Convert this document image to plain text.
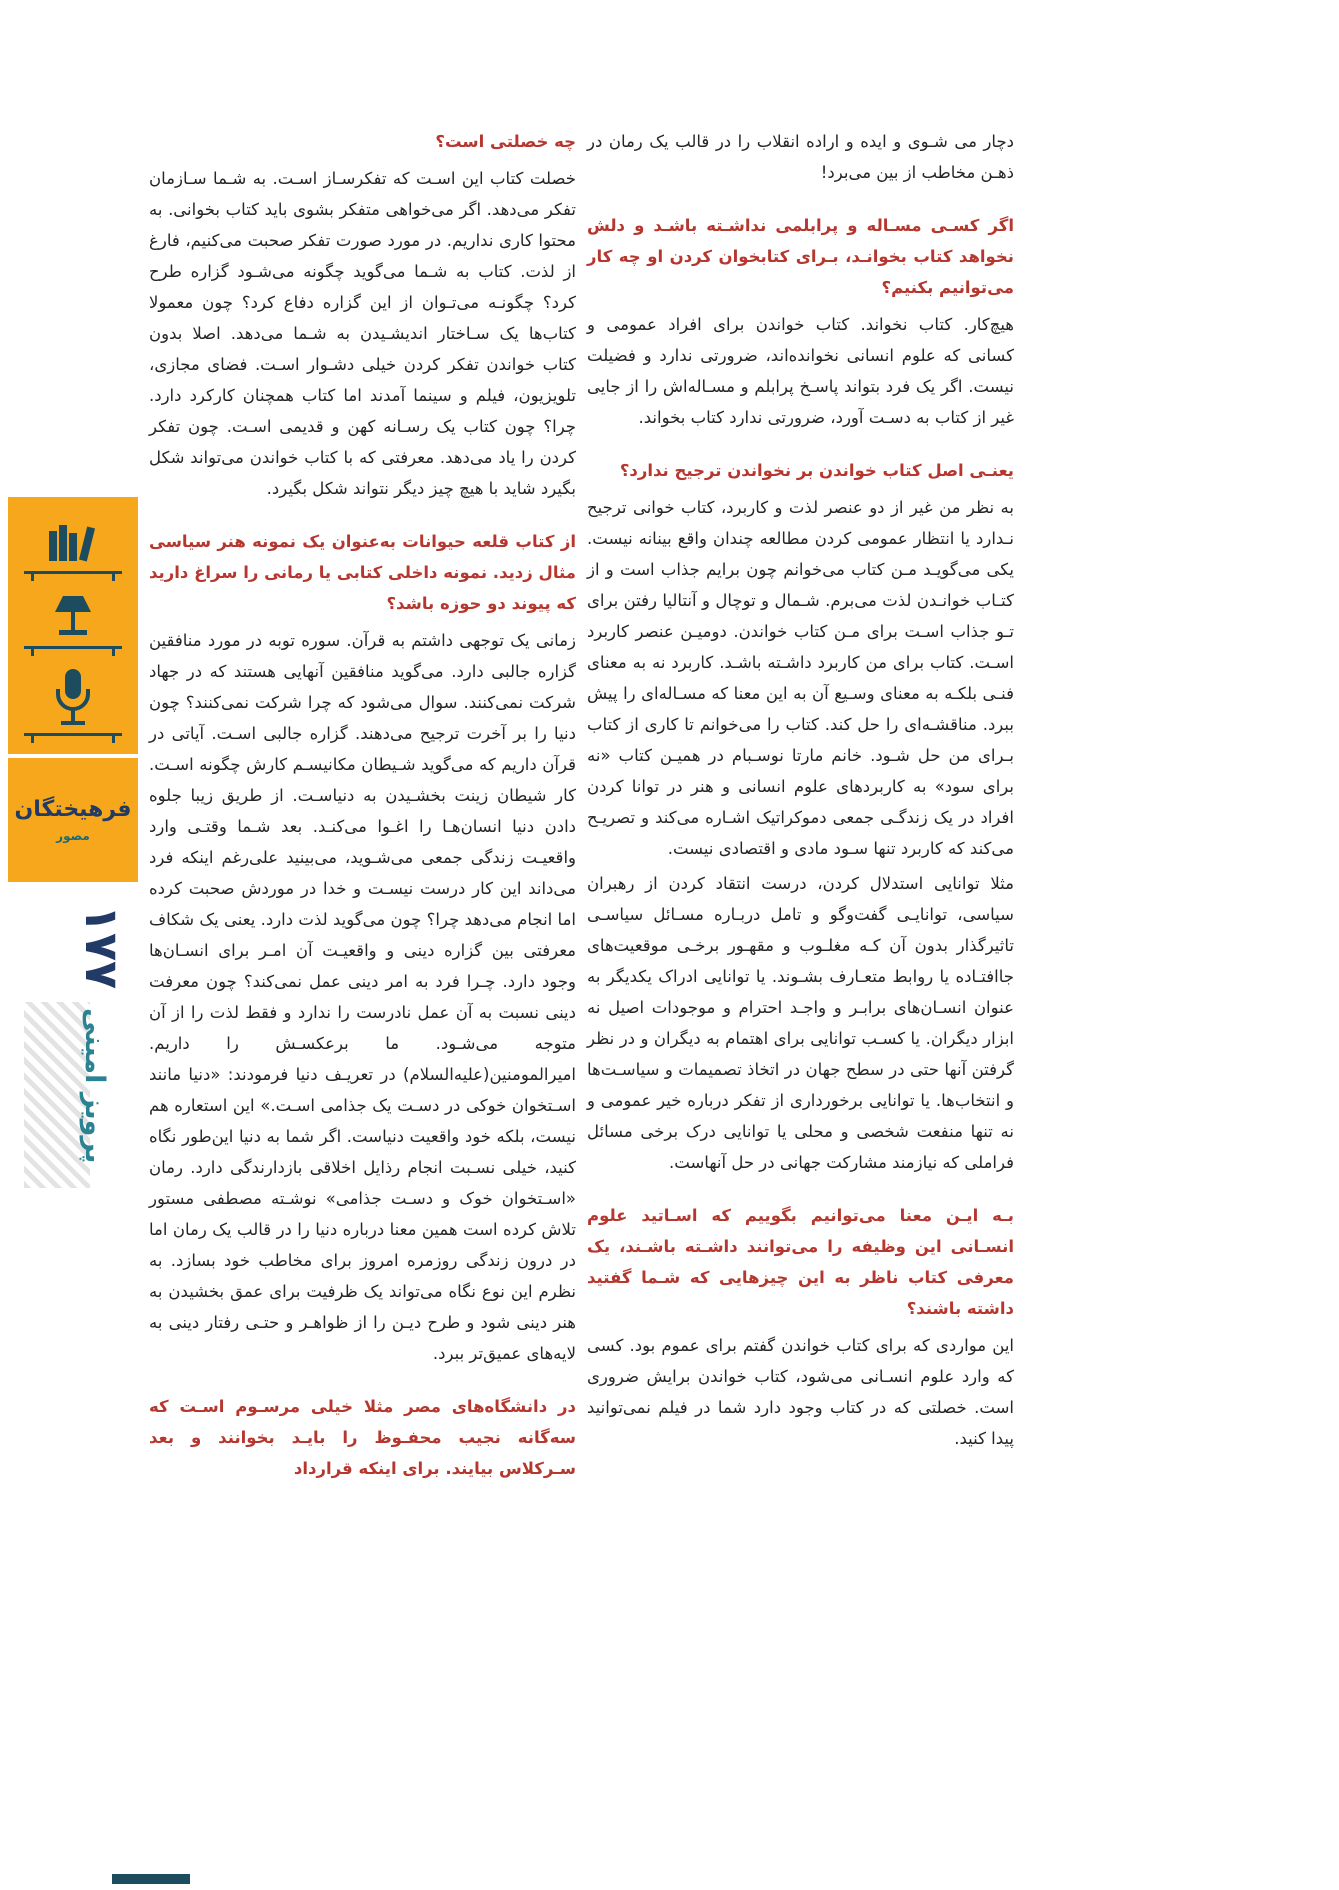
فرهیختگان
مصور
۱۷۷
پرویز امینی

دچار می شـوی و ایده و اراده انقلاب را در قالب یک رمان در ذهـن مخاطب از بین می‌برد!

اگر کسـی مسـاله و پرابلمی نداشـته باشـد و دلش نخواهد کتاب بخوانـد، بـرای کتابخوان کردن او چه کار می‌توانیم بکنیم؟

هیچ‌کار. کتاب نخواند. کتاب خواندن برای افراد عمومی و کسانی که علوم انسانی نخوانده‌اند، ضرورتی ندارد و فضیلت نیست. اگر یک فرد بتواند پاسـخ پرابلم و مسـاله‌اش را از جایی غیر از کتاب به دسـت آورد، ضرورتی ندارد کتاب بخواند.

یعنـی اصل کتاب خواندن بر نخواندن ترجیح ندارد؟

به نظر من غیر از دو عنصر لذت و کاربرد، کتاب خوانی ترجیح نـدارد یا انتظار عمومی کردن مطالعه چندان واقع بینانه نیست. یکی می‌گویـد مـن کتاب می‌خوانم چون برایم جذاب است و از کتـاب خوانـدن لذت می‌برم. شـمال و توچال و آنتالیا رفتن برای تـو جذاب اسـت برای مـن کتاب خواندن. دومیـن عنصر کاربرد اسـت. کتاب برای من کاربرد داشـته باشـد. کاربرد نه به معنای فنـی بلکـه به معنای وسـیع آن به این معنا که مسـاله‌ای را پیش ببرد. مناقشـه‌ای را حل کند. کتاب را می‌خوانم تا کاری از کتاب بـرای من حل شـود. خانم مارتا نوسـبام در همیـن کتاب «نه برای سود» به کاربردهای علوم انسانی و هنر در توانا کردن افراد در یک زندگـی جمعی دموکراتیک اشـاره می‌کند و تصریـح می‌کند که کاربرد تنها سـود مادی و اقتصادی نیست.

مثلا توانایی استدلال کردن، درست انتقاد کردن از رهبران سیاسی، توانایـی گفت‌وگو و تامل دربـاره مسـائل سیاسـی تاثیرگذار بدون آن کـه مغلـوب و مقهـور برخـی موقعیت‌های جاافتـاده یا روابط متعـارف بشـوند. یا توانایی ادراک یکدیگر به عنوان انسـان‌های برابـر و واجـد احترام و موجودات اصیل نه ابزار دیگران. یا کسـب توانایی برای اهتمام به دیگران و در نظر گرفتن آنها حتی در سطح جهان در اتخاذ تصمیمات و سیاسـت‌ها و انتخاب‌ها. یا توانایی برخورداری از تفکر درباره خیر عمومی و نه تنها منفعت شخصی و محلی یا توانایی درک برخی مسائل فراملی که نیازمند مشارکت جهانی در حل آنهاست.

بـه ایـن معنا می‌توانیم بگوییم که اسـاتید علوم انسـانی این وظیفه را می‌توانند داشـته باشـند، یک معرفی کتاب ناظر به این چیزهایی که شـما گفتید داشته باشند؟

این مواردی که برای کتاب خواندن گفتم برای عموم بود. کسی که وارد علوم انسـانی می‌شود، کتاب خواندن برایش ضروری است. خصلتی که در کتاب وجود دارد شما در فیلم نمی‌توانید پیدا کنید.

چه خصلتی است؟

خصلت کتاب این اسـت که تفکرسـاز اسـت. به شـما سـازمان تفکر می‌دهد. اگر می‌خواهی متفکر بشوی باید کتاب بخوانی. به محتوا کاری نداریم. در مورد صورت تفکر صحبت می‌کنیم، فارغ از لذت. کتاب به شـما می‌گوید چگونه می‌شـود گزاره طرح کرد؟ چگونـه می‌تـوان از این گزاره دفاع کرد؟ چون معمولا کتاب‌ها یک سـاختار اندیشـیدن به شـما می‌دهد. اصلا بدون کتاب خواندن تفکر کردن خیلی دشـوار اسـت. فضای مجازی، تلویزیون، فیلم و سینما آمدند اما کتاب همچنان کارکرد دارد. چرا؟ چون کتاب یک رسـانه کهن و قدیمی اسـت. چون تفکر کردن را یاد می‌دهد. معرفتی که با کتاب خواندن می‌تواند شکل بگیرد شاید با هیچ چیز دیگر نتواند شکل بگیرد.

از کتاب قلعه حیوانات به‌عنوان یک نمونه هنر سیاسی مثال زدید. نمونه داخلی کتابی یا رمانی را سراغ دارید که پیوند دو حوزه باشد؟

زمانی یک توجهی داشتم به قرآن. سوره توبه در مورد منافقین گزاره جالبی دارد. می‌گوید منافقین آنهایی هستند که در جهاد شرکت نمی‌کنند. سوال می‌شود که چرا شرکت نمی‌کنند؟ چون دنیا را بر آخرت ترجیح می‌دهند. گزاره جالبی اسـت. آیاتی در قرآن داریم که می‌گوید شـیطان مکانیسـم کارش چگونه اسـت. کار شیطان زینت بخشـیدن به دنیاسـت. از طریق زیبا جلوه دادن دنیا انسان‌هـا را اغـوا می‌کنـد. بعد شـما وقتـی وارد واقعیـت زندگی جمعی می‌شـوید، می‌بینید علی‌رغم اینکه فرد می‌داند این کار درست نیسـت و خدا در موردش صحبت کرده اما انجام می‌دهد چرا؟ چون می‌گوید لذت دارد. یعنی یک شکاف معرفتی بین گزاره دینی و واقعیـت آن امـر برای انسـان‌ها وجود دارد. چـرا فرد به امر دینی عمل نمی‌کند؟ چون معرفت دینی نسبت به آن عمل نادرست را ندارد و فقط لذت را از آن متوجه می‌شـود. ما برعکسـش را داریم. امیرالمومنین(علیه‌السلام) در تعریـف دنیا فرمودند: «دنیا مانند اسـتخوان خوکی در دسـت یک جذامی اسـت.» این استعاره هم نیست، بلکه خود واقعیت دنیاست. اگر شما به دنیا این‌طور نگاه کنید، خیلی نسـبت انجام رذایل اخلاقی بازدارندگی دارد. رمان «اسـتخوان خوک و دسـت جذامی» نوشـته مصطفی مستور تلاش کرده است همین معنا درباره دنیا را در قالب یک رمان اما در درون زندگی روزمره امروز برای مخاطب خود بسازد. به نظرم این نوع نگاه می‌تواند یک ظرفیت برای عمق بخشیدن به هنر دینی شود و طرح دیـن را از ظواهـر و حتـی رفتار دینی به لایه‌های عمیق‌تر ببرد.

در دانشگاه‌های مصر مثلا خیلی مرسـوم اسـت که سه‌گانه نجیب محفـوظ را بایـد بخوانند و بعد سـرکلاس بیایند. برای اینکه قرارداد
